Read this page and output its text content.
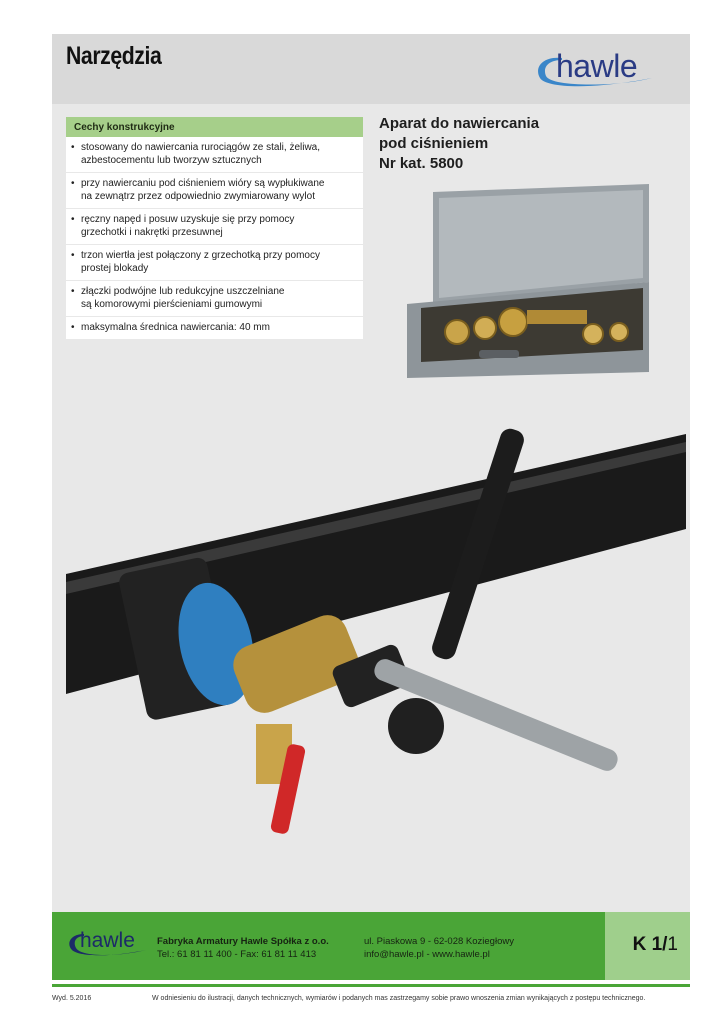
Narzędzia	hawle
Cechy konstrukcyjne
• stosowany do nawiercania rurociągów ze stali, żeliwa,
azbestocementu lub tworzyw sztucznych
• przy nawiercaniu pod ciśnieniem wióry są wypłukiwane
na zewnątrz przez odpowiednio zwymiarowany wylot
• ręczny napęd i posuw uzyskuje się przy pomocy
grzechotki i nakrętki przesuwnej
• trzon wiertła jest połączony z grzechotką przy pomocy
prostej blokady
• złączki podwójne lub redukcyjne uszczelniane
są komorowymi pierścieniami gumowymi
• maksymalna średnica nawiercania: 40 mm
Aparat do nawiercania
pod ciśnieniem
Nr kat. 5800
hawle Fabryka Armatury Hawle Spółka z o.o.
Tel.: 61 81 11 400 - Fax: 61 81 11 413
ul. Piaskowa 9 - 62-028 Koziegłowy
info@hawle.pl - www.hawle.pl	K 1/1
Wyd. 5.2016	W odniesieniu do ilustracji, danych technicznych, wymiarów i podanych mas zastrzegamy sobie prawo wnoszenia zmian wynikających z postępu technicznego.
